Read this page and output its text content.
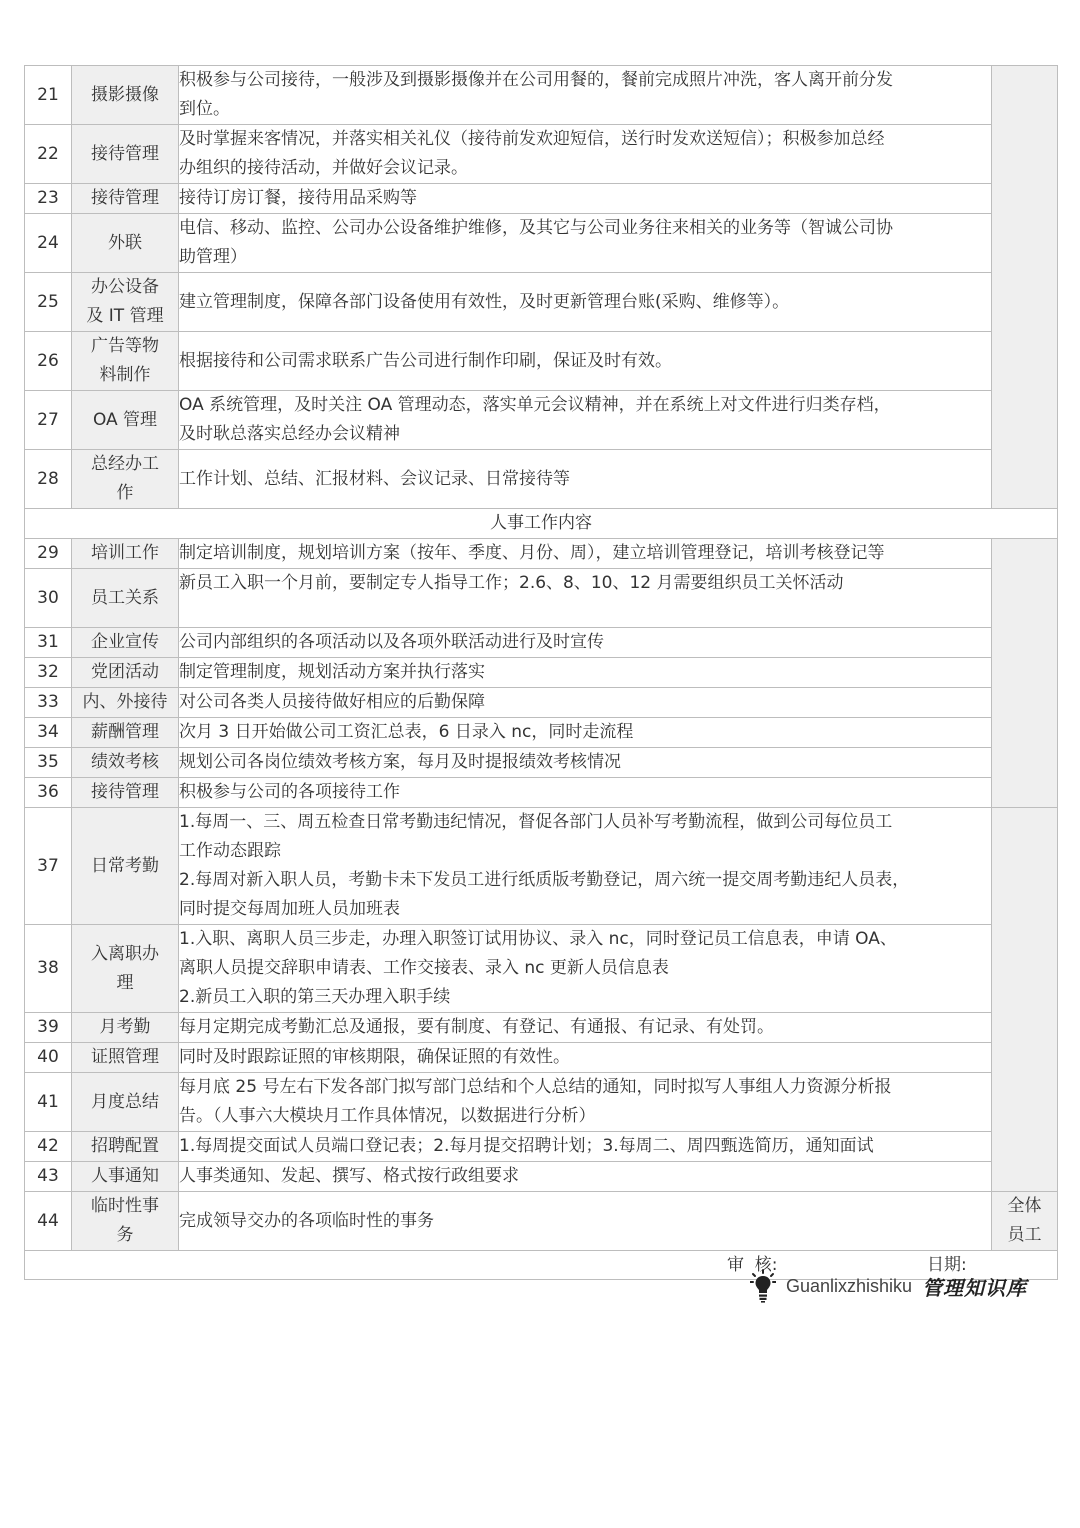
21	摄影摄像	积极参与公司接待，一般涉及到摄影摄像并在公司用餐的，餐前完成照片冲洗，客人离开前分发
到位。	

22	接待管理	及时掌握来客情况，并落实相关礼仪（接待前发欢迎短信，送行时发欢送短信）；积极参加总经
办组织的接待活动，并做好会议记录。	

23	接待管理	接待订房订餐，接待用品采购等	

24	外联	电信、移动、监控、公司办公设备维护维修，及其它与公司业务往来相关的业务等（智诚公司协
助管理）	

25	办公设备
及 IT 管理	建立管理制度，保障各部门设备使用有效性，及时更新管理台账(采购、维修等）。	

26	广告等物
料制作	根据接待和公司需求联系广告公司进行制作印刷，保证及时有效。	

27	OA 管理	OA 系统管理，及时关注 OA 管理动态，落实单元会议精神，并在系统上对文件进行归类存档，
及时耿总落实总经办会议精神	

28	总经办工
作	工作计划、总结、汇报材料、会议记录、日常接待等	

人事工作内容			
29	培训工作	制定培训制度，规划培训方案（按年、季度、月份、周），建立培训管理登记，培训考核登记等	

30	员工关系	新员工入职一个月前，要制定专人指导工作；2.6、8、10、12 月需要组织员工关怀活动	

31	企业宣传	公司内部组织的各项活动以及各项外联活动进行及时宣传	

32	党团活动	制定管理制度，规划活动方案并执行落实	

33	内、外接待	对公司各类人员接待做好相应的后勤保障	

34	薪酬管理	次月 3 日开始做公司工资汇总表，6 日录入 nc，同时走流程	

35	绩效考核	规划公司各岗位绩效考核方案，每月及时提报绩效考核情况	

36	接待管理	积极参与公司的各项接待工作	

37	日常考勤	1.每周一、三、周五检查日常考勤违纪情况，督促各部门人员补写考勤流程，做到公司每位员工
工作动态跟踪
2.每周对新入职人员，考勤卡未下发员工进行纸质版考勤登记，周六统一提交周考勤违纪人员表，
同时提交每周加班人员加班表	

38	入离职办
理	1.入职、离职人员三步走，办理入职签订试用协议、录入 nc，同时登记员工信息表，申请 OA、
离职人员提交辞职申请表、工作交接表、录入 nc 更新人员信息表
2.新员工入职的第三天办理入职手续	

39	月考勤	每月定期完成考勤汇总及通报，要有制度、有登记、有通报、有记录、有处罚。	

40	证照管理	同时及时跟踪证照的审核期限，确保证照的有效性。	

41	月度总结	每月底 25 号左右下发各部门拟写部门总结和个人总结的通知，同时拟写人事组人力资源分析报
告。（人事六大模块月工作具体情况，以数据进行分析）	

42	招聘配置	1.每周提交面试人员端口登记表；2.每月提交招聘计划；3.每周二、周四甄选简历，通知面试	

43	人事通知	人事类通知、发起、撰写、格式按行政组要求	

44	临时性事
务	完成领导交办的各项临时性的事务	全体
员工

审  核: 日期:			
Guanlixzhishiku 管理知识库
